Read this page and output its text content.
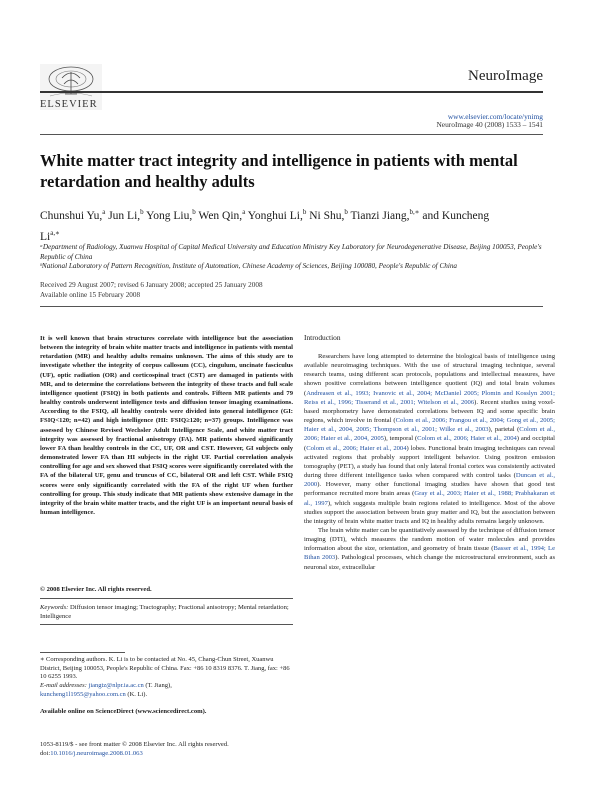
ELSEVIER
NeuroImage
www.elsevier.com/locate/ynimg
NeuroImage 40 (2008) 1533 – 1541
White matter tract integrity and intelligence in patients with mental retardation and healthy adults
Chunshui Yu,$^a$ Jun Li,$^b$ Yong Liu,$^b$ Wen Qin,$^a$ Yonghui Li,$^b$ Ni Shu,$^b$ Tianzi Jiang,$^{b,∗}$ and Kuncheng $Li^{a,∗}$
ᵃDepartment of Radiology, Xuanwu Hospital of Capital Medical University and Education Ministry Key Laboratory for Neurodegenerative Disease, Beijing 100053, People's Republic of China
ᵇNational Laboratory of Pattern Recognition, Institute of Automation, Chinese Academy of Sciences, Beijing 100080, People's Republic of China
Received 29 August 2007; revised 6 January 2008; accepted 25 January 2008
Available online 15 February 2008
It is well known that brain structures correlate with intelligence but the association between the integrity of brain white matter tracts and intelligence in patients with mental retardation (MR) and healthy adults remains unknown. The aims of this study are to investigate whether the integrity of corpus callosum (CC), cingulum, uncinate fasciculus (UF), optic radiation (OR) and corticospinal tract (CST) are damaged in patients with MR, and to determine the correlations between the integrity of these tracts and full scale intelligence quotient (FSIQ) in both patients and controls. Fifteen MR patients and 79 healthy controls underwent intelligence tests and diffusion tensor imaging examinations. According to the FSIQ, all healthy controls were divided into general intelligence (GI: FSIQ<120; n=42) and high intelligence (HI: FSIQ≥120; n=37) groups. Intelligence was assessed by Chinese Revised Wechsler Adult Intelligence Scale, and white matter tract integrity was assessed by fractional anisotropy (FA). MR patients showed significantly lower FA than healthy controls in the CC, UF, OR and CST. However, GI subjects only demonstrated lower FA than HI subjects in the right UF. Partial correlation analysis controlling for age and sex showed that FSIQ scores were significantly correlated with the FA of the bilateral UF, genu and truncus of CC, bilateral OR and left CST. While FSIQ scores were only significantly correlated with the FA of the right UF when further controlling for group. This study indicate that MR patients show extensive damage in the integrity of the brain white matter tracts, and the right UF is an important neural basis of human intelligence.
© 2008 Elsevier Inc. All rights reserved.
Keywords: Diffusion tensor imaging; Tractography; Fractional anisotropy; Mental retardation; Intelligence
∗ Corresponding authors. K. Li is to be contacted at No. 45, Chang-Chun Street, Xuanwu District, Beijing 100053, People's Republic of China. Fax: +86 10 8319 8376. T. Jiang, fax: +86 10 6255 1993.
E-mail addresses: jiangtz@nlpr.ia.ac.cn (T. Jiang),
kuncheng1l1955@yahoo.com.cn (K. Li).
Available online on ScienceDirect (www.sciencedirect.com).
1053-8119/$ - see front matter © 2008 Elsevier Inc. All rights reserved.
doi:10.1016/j.neuroimage.2008.01.063
Introduction

Researchers have long attempted to determine the biological basis of intelligence using available neuroimaging techniques. With the use of structural imaging technique, several research teams, using different scan protocols, populations and intellectual measures, have shown positive correlations between intelligence quotient (IQ) and total brain volumes (Andreasen et al., 1993; Ivanovic et al., 2004; McDaniel 2005; Plomin and Kosslyn 2001; Reiss et al., 1996; Tisserand et al., 2001; Witelson et al., 2006). Recent studies using voxel-based morphometry have demonstrated correlations between IQ and some specific brain regions, which involve in frontal (Colom et al., 2006; Frangou et al., 2004; Gong et al., 2005; Haier et al., 2004, 2005; Thompson et al., 2001; Wilke et al., 2003), parietal (Colom et al., 2006; Haier et al., 2004, 2005), temporal (Colom et al., 2006; Haier et al., 2004) and occipital (Colom et al., 2006; Haier et al., 2004) lobes. Functional brain imaging techniques can reveal activated regions that probably support intelligent behavior. Using positron emission tomography (PET), a study has found that only lateral frontal cortex was consistently activated during three different intelligence tasks when compared with control tasks (Duncan et al., 2000). However, many other functional imaging studies have shown that good test performance recruited more brain areas (Gray et al., 2003; Haier et al., 1988; Prabhakaran et al., 1997), which suggests multiple brain regions related to intelligence. Most of the above studies support the association between brain gray matter and IQ, but the association between the integrity of brain white matter tracts and IQ in healthy adults remains largely unknown.

The brain white matter can be quantitatively assessed by the technique of diffusion tensor imaging (DTI), which measures the random motion of water molecules and provides information about the size, orientation, and geometry of brain tissue (Basser et al., 1994; Le Bihan 2003). Pathological processes, which change the microstructural environment, such as neuronal size, extracellular
